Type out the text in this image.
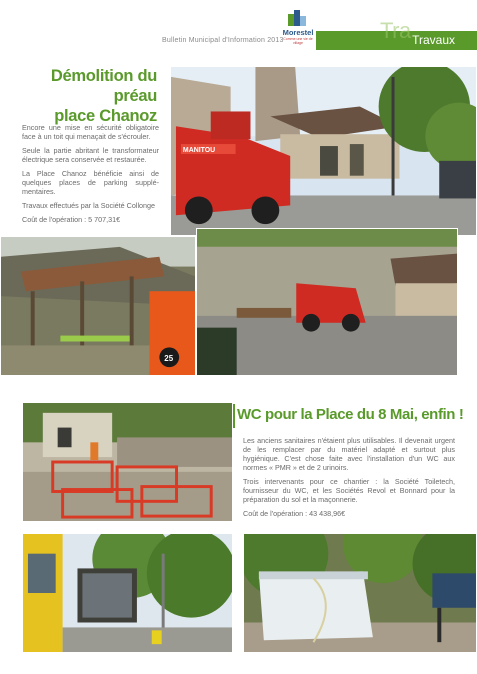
Bulletin Municipal d'Information 2013
Morestel
Comme une vie de village	Tra Travaux
Démolition du préau
place Chanoz

Encore une mise en sécurité obligatoire face à un toit qui menaçait de s'écrouler.

Seule la partie abritant le transformateur électrique sera conservée et restaurée.

La Place Chanoz bénéficie ainsi de quelques places de parking supplé-mentaires.

Travaux effectués par la Société Collonge

Coût de l'opération : 5 707,31€

MANITOU
25
WC pour la Place du 8 Mai, enfin !

Les anciens sanitaires n'étaient plus utilisables. Il devenait urgent de les remplacer par du matériel adapté et surtout plus hygiénique. C'est chose faite avec l'installation d'un WC aux normes « PMR » et de 2 urinoirs.

Trois intervenants pour ce chantier : la Société Toiletech, fournisseur du WC, et les Sociétés Revol et Bonnard pour la préparation du sol et la maçonnerie.

Coût de l'opération : 43 438,96€
